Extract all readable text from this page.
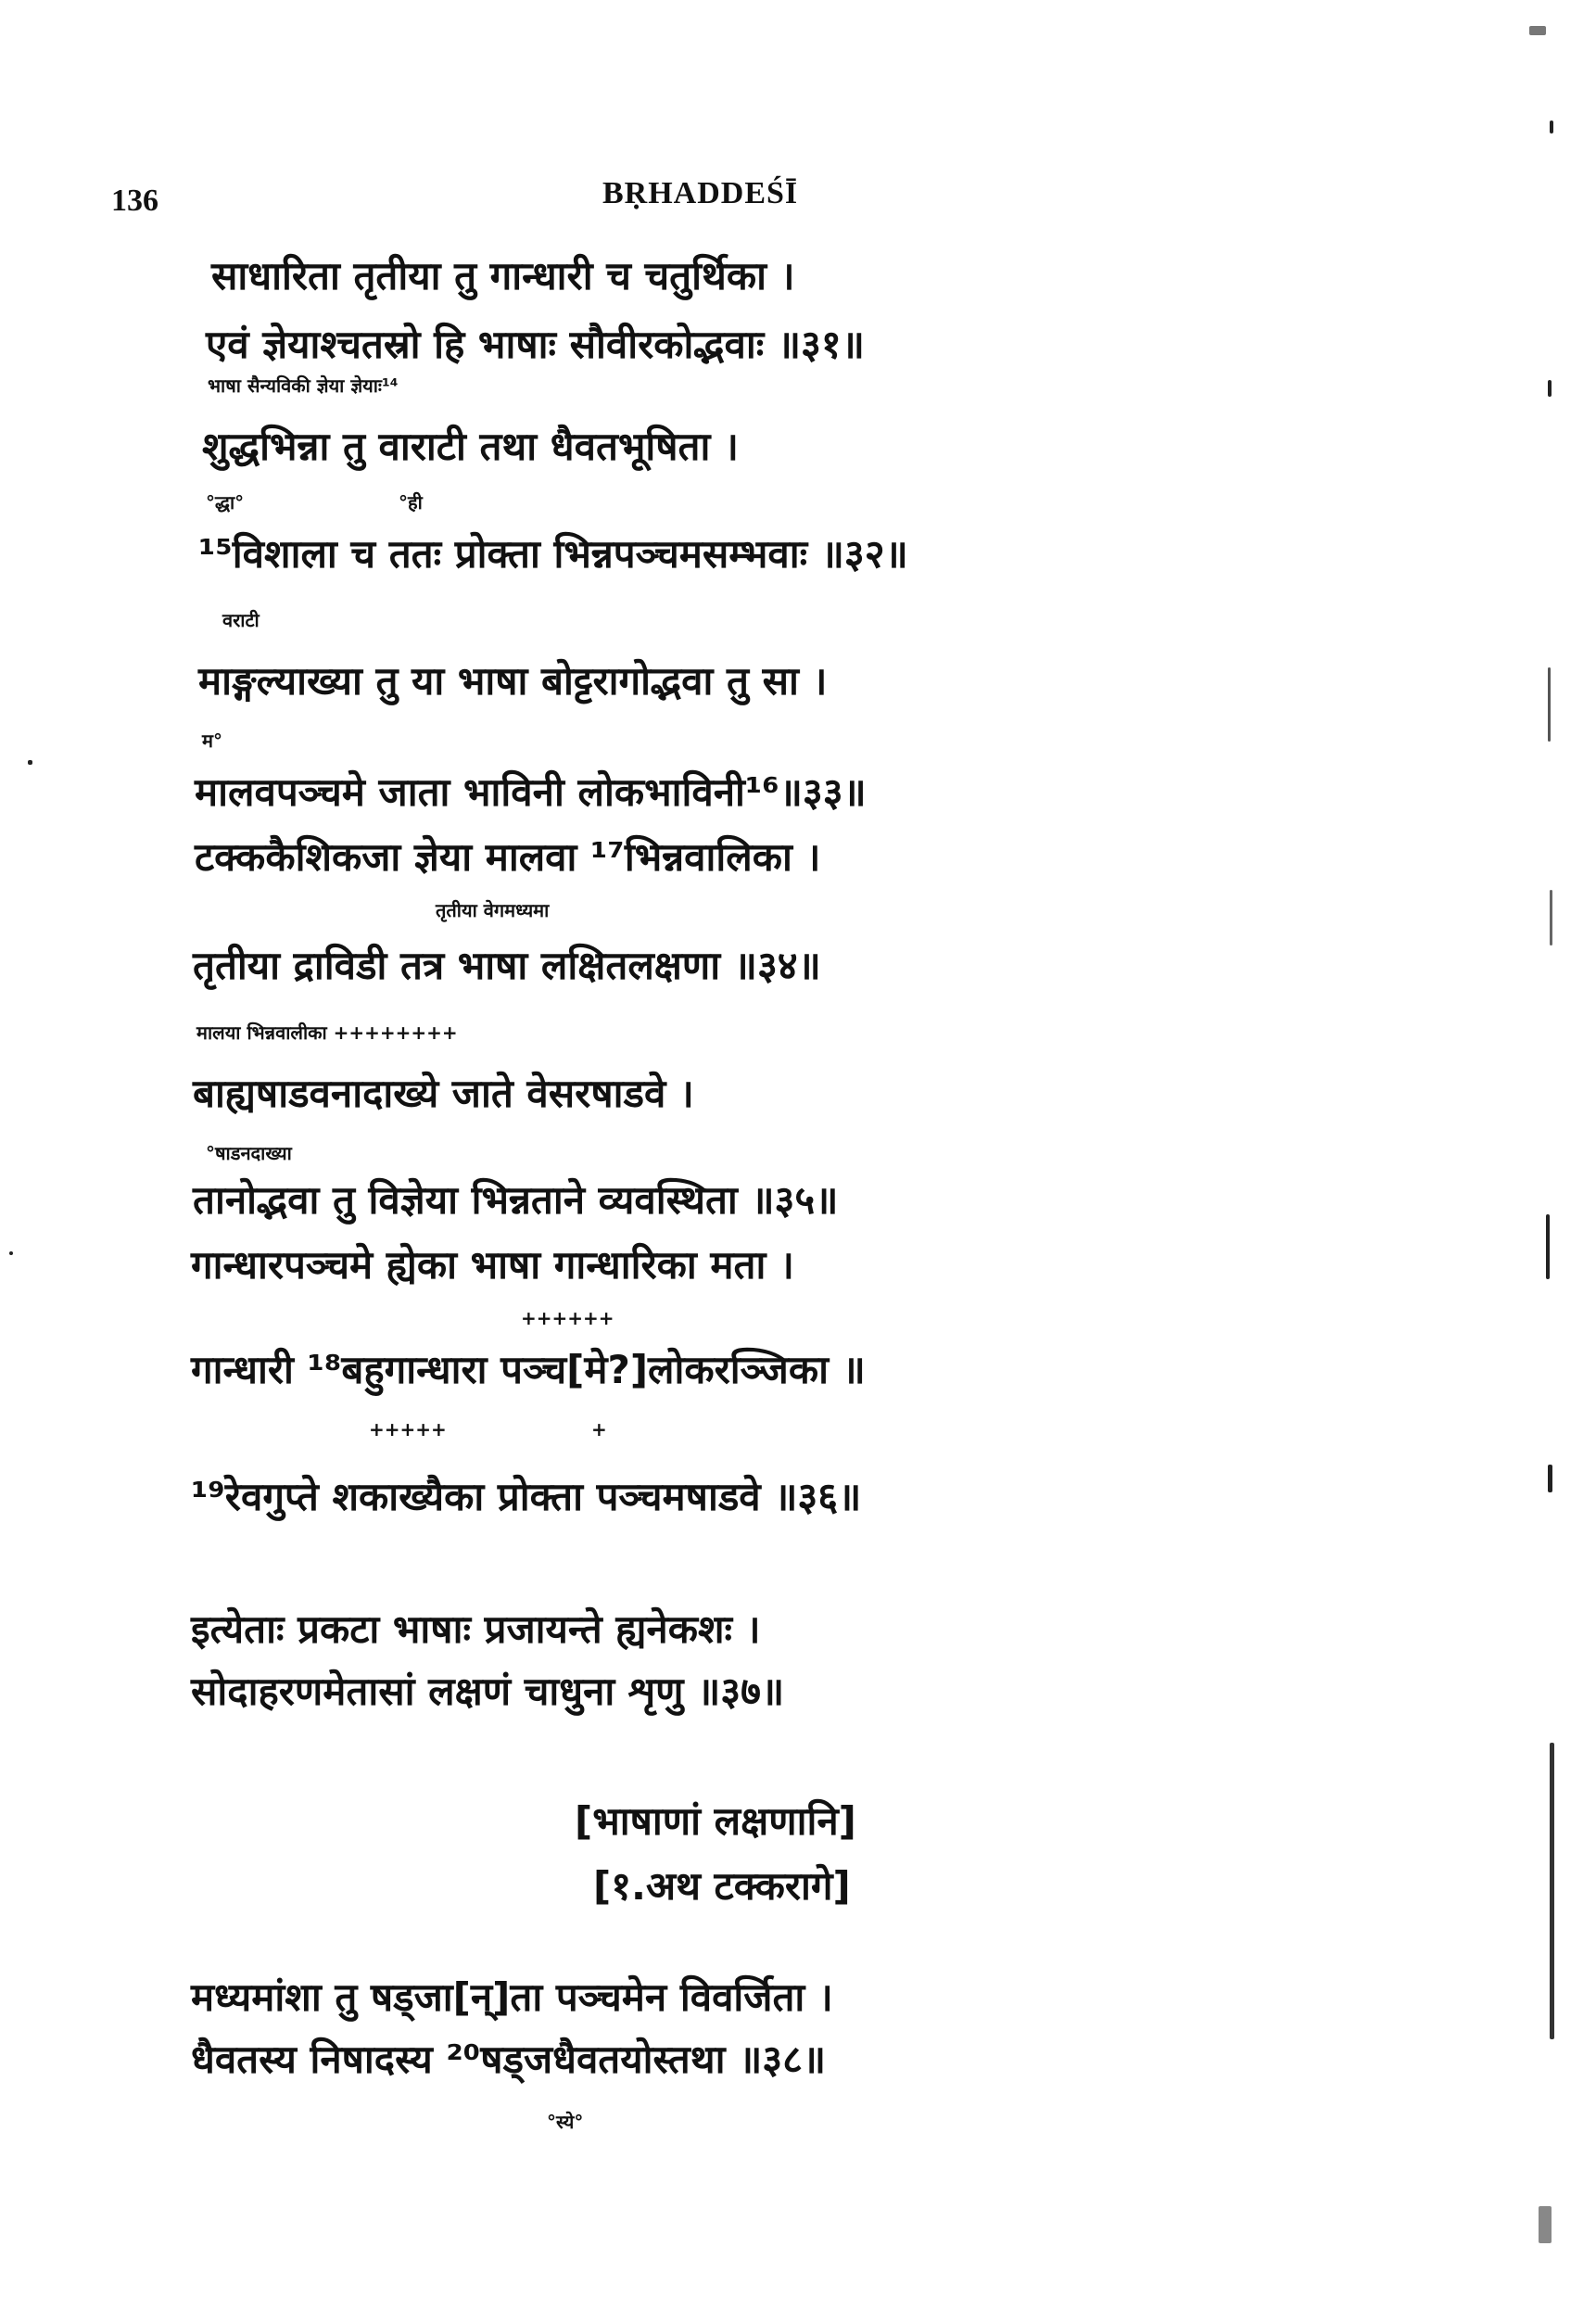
136	BṚHADDEŚĪ
साधारिता तृतीया तु गान्धारी च चतुर्थिका ।
एवं ज्ञेयाश्चतस्रो हि भाषाः सौवीरकोद्भवाः ॥३१॥
भाषा सैन्यविकी ज्ञेया ज्ञेयाः¹⁴
शुद्धभिन्ना तु वाराटी तथा धैवतभूषिता ।
°द्धा°	°ही
¹⁵विशाला च ततः प्रोक्ता भिन्नपञ्चमसम्भवाः ॥३२॥
वराटी
माङ्गल्याख्या तु या भाषा बोट्टरागोद्भवा तु सा ।
म°
मालवपञ्चमे जाता भाविनी लोकभाविनी¹⁶॥३३॥
टक्ककैशिकजा ज्ञेया मालवा ¹⁷भिन्नवालिका ।
तृतीया वेगमध्यमा
तृतीया द्राविडी तत्र भाषा लक्षितलक्षणा ॥३४॥
मालया भिन्नवालीका ++++++++
बाह्यषाडवनादाख्ये जाते वेसरषाडवे ।
°षाडनदाख्या
तानोद्भवा तु विज्ञेया भिन्नताने व्यवस्थिता ॥३५॥
गान्धारपञ्चमे ह्येका भाषा गान्धारिका मता ।
++++++
गान्धारी ¹⁸बहुगान्धारा पञ्च[मे?]लोकरञ्जिका ॥
+++++	+
¹⁹रेवगुप्ते शकाख्यैका प्रोक्ता पञ्चमषाडवे ॥३६॥
इत्येताः प्रकटा भाषाः प्रजायन्ते ह्यनेकशः ।
सोदाहरणमेतासां लक्षणं चाधुना शृणु ॥३७॥
[भाषाणां लक्षणानि]
[१.अथ टक्करागे]
मध्यमांशा तु षड्जा[न्]ता पञ्चमेन विवर्जिता ।
धैवतस्य निषादस्य ²⁰षड्जधैवतयोस्तथा ॥३८॥
°स्ये°
